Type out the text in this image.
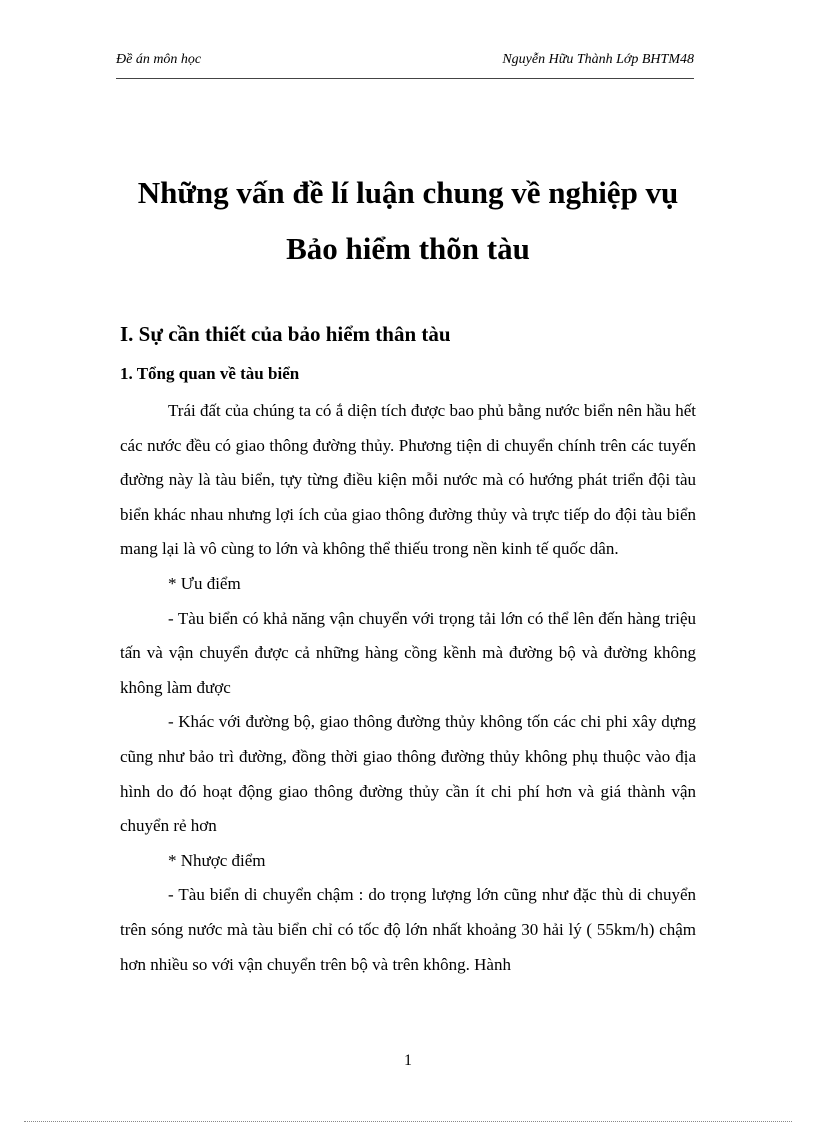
Đề án môn học	Nguyễn Hữu Thành Lớp BHTM48
Những vấn đề lí luận chung về nghiệp vụ
Bảo hiểm thõn tàu
I. Sự cần thiết của bảo hiểm thân tàu
1. Tổng quan về tàu biển

Trái đất của chúng ta có ắ diện tích được bao phủ bằng nước biển nên hầu hết các nước đều có giao thông đường thủy. Phương tiện di chuyển chính trên các tuyến đường này là tàu biển, tựy từng điều kiện mỗi nước mà có hướng phát triển đội tàu biển khác nhau nhưng lợi ích của giao thông đường thủy và trực tiếp do đội tàu biển mang lại là vô cùng to lớn và không thể thiếu trong nền kinh tế quốc dân.

* Ưu điểm

- Tàu biển có khả năng vận chuyển với trọng tải lớn có thể lên đến hàng triệu tấn và vận chuyển được cả những hàng cồng kềnh mà đường bộ và đường không không làm được

- Khác với đường bộ, giao thông đường thủy không tốn các chi phi xây dựng cũng như bảo trì đường, đồng thời giao thông đường thủy không phụ thuộc vào địa hình do đó hoạt động giao thông đường thủy cần ít chi phí hơn và giá thành vận chuyển rẻ hơn

* Nhược điểm

- Tàu biển di chuyển chậm : do trọng lượng lớn cũng như đặc thù di chuyển trên sóng nước mà tàu biển chỉ có tốc độ lớn nhất khoảng 30 hải lý ( 55km/h) chậm hơn nhiều so với vận chuyển trên bộ và trên không. Hành

1
